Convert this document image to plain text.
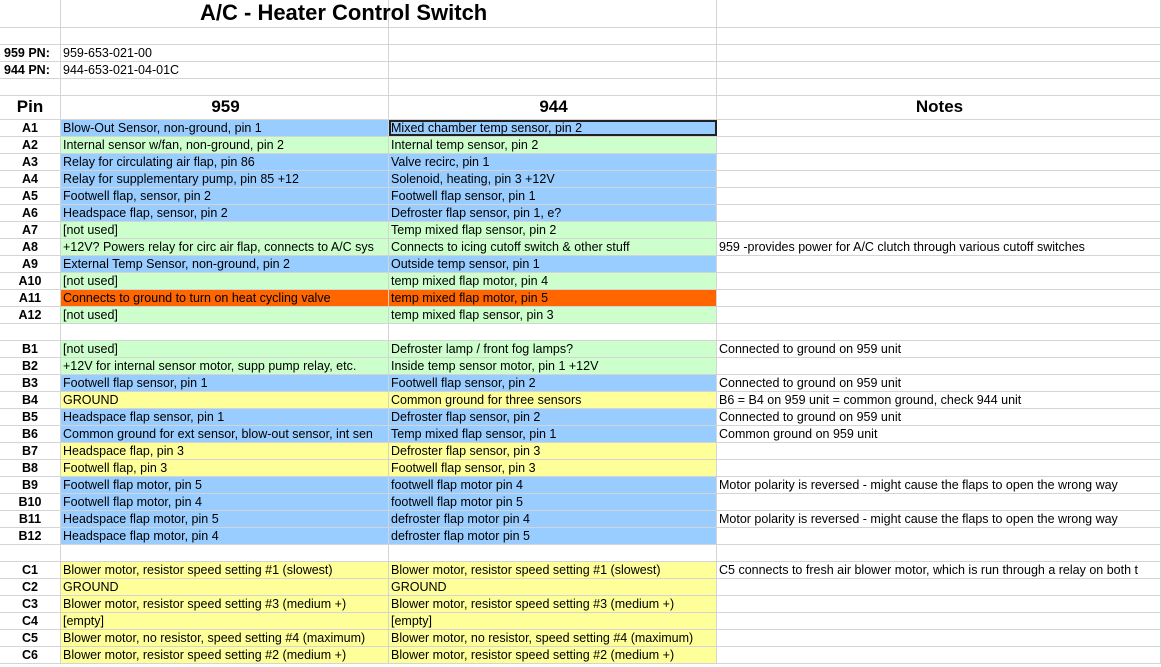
A/C - Heater Control Switch
959 PN:	959-653-021-00
944 PN:	944-653-021-04-01C
Pin	959	944	Notes
A1	Blow-Out Sensor, non-ground, pin 1	Mixed chamber temp sensor, pin 2
A2	Internal sensor w/fan, non-ground, pin 2	Internal temp sensor, pin 2
A3	Relay for circulating air flap, pin 86	Valve recirc, pin 1
A4	Relay for supplementary pump, pin 85 +12	Solenoid, heating, pin 3 +12V
A5	Footwell flap, sensor, pin 2	Footwell flap sensor, pin 1
A6	Headspace flap, sensor, pin 2	Defroster flap sensor, pin 1, e?
A7	[not used]	Temp mixed flap sensor, pin 2
A8	+12V? Powers relay for circ air flap, connects to A/C sys	Connects to icing cutoff switch & other stuff	959 -provides power for A/C clutch through various cutoff switches
A9	External Temp Sensor, non-ground, pin 2	Outside temp sensor, pin 1
A10	[not used]	temp mixed flap motor, pin 4
A11	Connects to ground to turn on heat cycling valve	temp mixed flap motor, pin 5
A12	[not used]	temp mixed flap sensor, pin 3
B1	[not used]	Defroster lamp / front fog lamps?	Connected to ground on 959 unit
B2	+12V for internal sensor motor, supp pump relay, etc.	Inside temp sensor motor, pin 1 +12V
B3	Footwell flap sensor, pin 1	Footwell flap sensor, pin 2	Connected to ground on 959 unit
B4	GROUND	Common ground for three sensors	B6 = B4 on 959 unit = common ground, check 944 unit
B5	Headspace flap sensor, pin 1	Defroster flap sensor, pin 2	Connected to ground on 959 unit
B6	Common ground for ext sensor, blow-out sensor, int sen	Temp mixed flap sensor, pin 1	Common ground on 959 unit
B7	Headspace flap, pin 3	Defroster flap sensor, pin 3
B8	Footwell flap, pin 3	Footwell flap sensor, pin 3
B9	Footwell flap motor, pin 5	footwell flap motor pin 4	Motor polarity is reversed - might cause the flaps to open the wrong way
B10	Footwell flap motor, pin 4	footwell flap motor pin 5
B11	Headspace flap motor, pin 5	defroster flap motor pin 4	Motor polarity is reversed - might cause the flaps to open the wrong way
B12	Headspace flap motor, pin 4	defroster flap motor pin 5
C1	Blower motor, resistor speed setting #1 (slowest)	Blower motor, resistor speed setting #1 (slowest)	C5 connects to fresh air blower motor, which is run through a relay on both t
C2	GROUND	GROUND
C3	Blower motor, resistor speed setting #3 (medium +)	Blower motor, resistor speed setting #3 (medium +)
C4	[empty]	[empty]
C5	Blower motor, no resistor, speed setting #4 (maximum)	Blower motor, no resistor, speed setting #4 (maximum)
C6	Blower motor, resistor speed setting #2 (medium +)	Blower motor, resistor speed setting #2 (medium +)
